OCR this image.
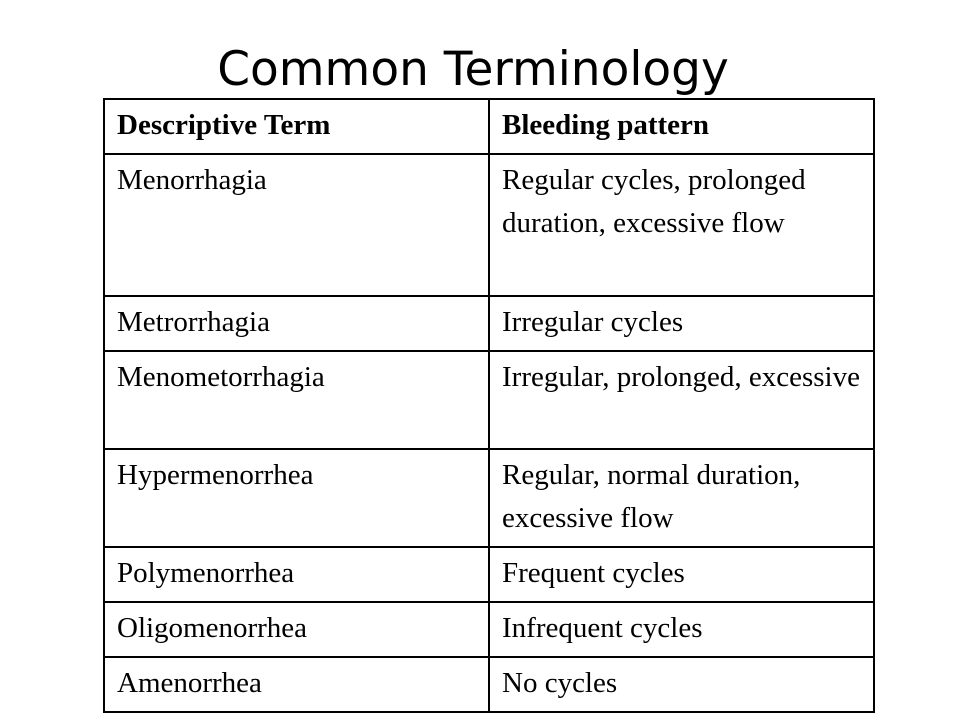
Common Terminology
Descriptive Term	Bleeding pattern
Menorrhagia	Regular cycles, prolonged duration, excessive flow
Metrorrhagia	Irregular cycles
Menometorrhagia	Irregular, prolonged, excessive
Hypermenorrhea	Regular, normal duration, excessive flow
Polymenorrhea	Frequent cycles
Oligomenorrhea	Infrequent cycles
Amenorrhea	No cycles
